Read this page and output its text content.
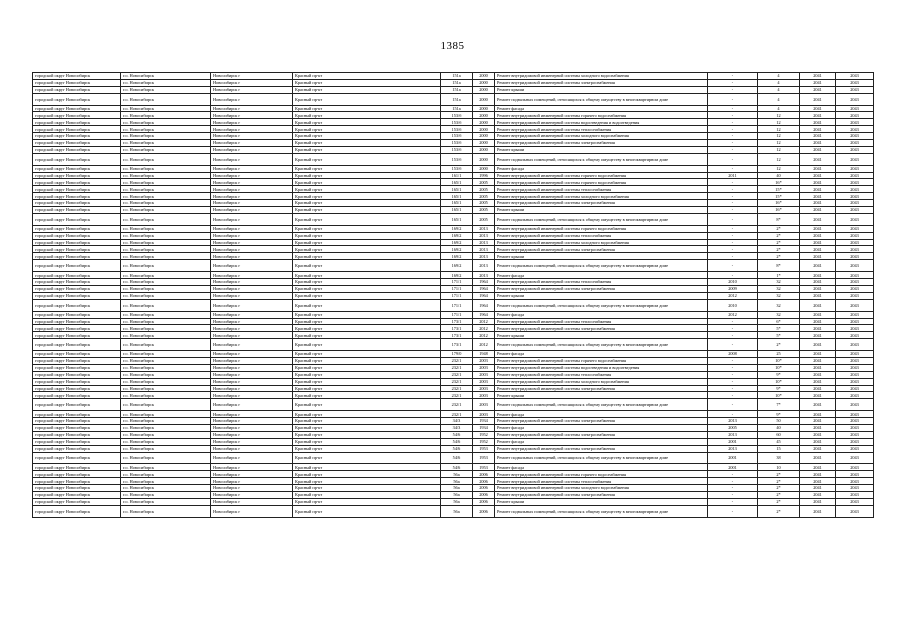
1385
городской округ Новосибирск	г.о. Новосибирск	Новосибирск г	Красный пр-кт	151а	2000	Ремонт внутридомовой инженерной системы холодного водоснабжения	-	4	2041	2043
городской округ Новосибирск	г.о. Новосибирск	Новосибирск г	Красный пр-кт	151а	2000	Ремонт внутридомовой инженерной системы электроснабжения	-	4	2041	2043
городской округ Новосибирск	г.о. Новосибирск	Новосибирск г	Красный пр-кт	151а	2000	Ремонт крыши	-	4	2041	2043
городской округ Новосибирск	г.о. Новосибирск	Новосибирск г	Красный пр-кт	151а	2000	Ремонт подвальных помещений, относящихся к общему имуществу в многоквартирном доме	-	4	2041	2043
городской округ Новосибирск	г.о. Новосибирск	Новосибирск г	Красный пр-кт	151а	2000	Ремонт фасада	-	4	2041	2043
городской округ Новосибирск	г.о. Новосибирск	Новосибирск г	Красный пр-кт	153/б	2000	Ремонт внутридомовой инженерной системы горячего водоснабжения	-	12	2041	2043
городской округ Новосибирск	г.о. Новосибирск	Новосибирск г	Красный пр-кт	153/б	2000	Ремонт внутридомовой инженерной системы водоотведения и водоотведения	-	12	2041	2043
городской округ Новосибирск	г.о. Новосибирск	Новосибирск г	Красный пр-кт	153/б	2000	Ремонт внутридомовой инженерной системы теплоснабжения	-	12	2041	2043
городской округ Новосибирск	г.о. Новосибирск	Новосибирск г	Красный пр-кт	153/б	2000	Ремонт внутридомовой инженерной системы холодного водоснабжения	-	12	2041	2043
городской округ Новосибирск	г.о. Новосибирск	Новосибирск г	Красный пр-кт	153/б	2000	Ремонт внутридомовой инженерной системы электроснабжения	-	12	2041	2043
городской округ Новосибирск	г.о. Новосибирск	Новосибирск г	Красный пр-кт	153/б	2000	Ремонт крыши	-	12	2041	2043
городской округ Новосибирск	г.о. Новосибирск	Новосибирск г	Красный пр-кт	153/б	2000	Ремонт подвальных помещений, относящихся к общему имуществу в многоквартирном доме	-	12	2041	2043
городской округ Новосибирск	г.о. Новосибирск	Новосибирск г	Красный пр-кт	153/б	2000	Ремонт фасада	-	12	2041	2043
городской округ Новосибирск	г.о. Новосибирск	Новосибирск г	Красный пр-кт	161/1	1996	Ремонт внутридомовой инженерной системы горячего водоснабжения	2011	40	2041	2043
городской округ Новосибирск	г.о. Новосибирск	Новосибирск г	Красный пр-кт	165/1	2005	Ремонт внутридомовой инженерной системы горячего водоснабжения	-	16*	2041	2043
городской округ Новосибирск	г.о. Новосибирск	Новосибирск г	Красный пр-кт	165/1	2005	Ремонт внутридомовой инженерной системы теплоснабжения	-	15*	2041	2043
городской округ Новосибирск	г.о. Новосибирск	Новосибирск г	Красный пр-кт	165/1	2005	Ремонт внутридомовой инженерной системы холодного водоснабжения	-	15*	2041	2043
городской округ Новосибирск	г.о. Новосибирск	Новосибирск г	Красный пр-кт	165/1	2005	Ремонт внутридомовой инженерной системы электроснабжения	-	16*	2041	2043
городской округ Новосибирск	г.о. Новосибирск	Новосибирск г	Красный пр-кт	165/1	2005	Ремонт крыши	-	16*	2041	2043
городской округ Новосибирск	г.о. Новосибирск	Новосибирск г	Красный пр-кт	165/1	2005	Ремонт подвальных помещений, относящихся к общему имуществу в многоквартирном доме	-	8*	2041	2043
городской округ Новосибирск	г.о. Новосибирск	Новосибирск г	Красный пр-кт	169/2	2013	Ремонт внутридомовой инженерной системы горячего водоснабжения	-	2*	2041	2043
городской округ Новосибирск	г.о. Новосибирск	Новосибирск г	Красный пр-кт	169/2	2013	Ремонт внутридомовой инженерной системы теплоснабжения	-	2*	2041	2043
городской округ Новосибирск	г.о. Новосибирск	Новосибирск г	Красный пр-кт	169/2	2013	Ремонт внутридомовой инженерной системы холодного водоснабжения	-	2*	2041	2043
городской округ Новосибирск	г.о. Новосибирск	Новосибирск г	Красный пр-кт	169/2	2013	Ремонт внутридомовой инженерной системы электроснабжения	-	2*	2041	2043
городской округ Новосибирск	г.о. Новосибирск	Новосибирск г	Красный пр-кт	169/2	2013	Ремонт крыши	-	2*	2041	2043
городской округ Новосибирск	г.о. Новосибирск	Новосибирск г	Красный пр-кт	169/2	2013	Ремонт подвальных помещений, относящихся к общему имуществу в многоквартирном доме	-	8*	2041	2043
городской округ Новосибирск	г.о. Новосибирск	Новосибирск г	Красный пр-кт	169/2	2013	Ремонт фасада	-	1*	2041	2043
городской округ Новосибирск	г.о. Новосибирск	Новосибирск г	Красный пр-кт	171/1	1964	Ремонт внутридомовой инженерной системы теплоснабжения	2010	32	2041	2043
городской округ Новосибирск	г.о. Новосибирск	Новосибирск г	Красный пр-кт	171/1	1964	Ремонт внутридомовой инженерной системы электроснабжения	2009	32	2041	2043
городской округ Новосибирск	г.о. Новосибирск	Новосибирск г	Красный пр-кт	171/1	1964	Ремонт крыши	2012	32	2041	2043
городской округ Новосибирск	г.о. Новосибирск	Новосибирск г	Красный пр-кт	171/1	1964	Ремонт подвальных помещений, относящихся к общему имуществу в многоквартирном доме	2010	32	2041	2043
городской округ Новосибирск	г.о. Новосибирск	Новосибирск г	Красный пр-кт	171/1	1964	Ремонт фасада	2012	32	2041	2043
городской округ Новосибирск	г.о. Новосибирск	Новосибирск г	Красный пр-кт	173/1	2012	Ремонт внутридомовой инженерной системы теплоснабжения	-	6*	2041	2043
городской округ Новосибирск	г.о. Новосибирск	Новосибирск г	Красный пр-кт	173/1	2012	Ремонт внутридомовой инженерной системы электроснабжения	-	5*	2041	2043
городской округ Новосибирск	г.о. Новосибирск	Новосибирск г	Красный пр-кт	173/1	2012	Ремонт крыши	-	5*	2041	2043
городской округ Новосибирск	г.о. Новосибирск	Новосибирск г	Красный пр-кт	173/1	2012	Ремонт подвальных помещений, относящихся к общему имуществу в многоквартирном доме	-	2*	2041	2043
городской округ Новосибирск	г.о. Новосибирск	Новосибирск г	Красный пр-кт	179/0	1948	Ремонт фасада	2008	25	2041	2043
городской округ Новосибирск	г.о. Новосибирск	Новосибирск г	Красный пр-кт	232/1	2003	Ремонт внутридомовой инженерной системы горячего водоснабжения	-	10*	2041	2043
городской округ Новосибирск	г.о. Новосибирск	Новосибирск г	Красный пр-кт	232/1	2003	Ремонт внутридомовой инженерной системы водоотведения и водоотведения	-	10*	2041	2043
городской округ Новосибирск	г.о. Новосибирск	Новосибирск г	Красный пр-кт	232/1	2003	Ремонт внутридомовой инженерной системы теплоснабжения	-	9*	2041	2043
городской округ Новосибирск	г.о. Новосибирск	Новосибирск г	Красный пр-кт	232/1	2003	Ремонт внутридомовой инженерной системы холодного водоснабжения	-	10*	2041	2043
городской округ Новосибирск	г.о. Новосибирск	Новосибирск г	Красный пр-кт	232/1	2003	Ремонт внутридомовой инженерной системы электроснабжения	-	9*	2041	2043
городской округ Новосибирск	г.о. Новосибирск	Новосибирск г	Красный пр-кт	232/1	2003	Ремонт крыши	-	10*	2041	2043
городской округ Новосибирск	г.о. Новосибирск	Новосибирск г	Красный пр-кт	232/1	2003	Ремонт подвальных помещений, относящихся к общему имуществу в многоквартирном доме	-	7*	2041	2043
городской округ Новосибирск	г.о. Новосибирск	Новосибирск г	Красный пр-кт	232/1	2003	Ремонт фасада	-	9*	2041	2043
городской округ Новосибирск	г.о. Новосибирск	Новосибирск г	Красный пр-кт	34/3	1934	Ремонт внутридомовой инженерной системы электроснабжения	2013	50	2041	2043
городской округ Новосибирск	г.о. Новосибирск	Новосибирск г	Красный пр-кт	34/3	1934	Ремонт фасада	2005	40	2041	2043
городской округ Новосибирск	г.о. Новосибирск	Новосибирск г	Красный пр-кт	54/6	1952	Ремонт внутридомовой инженерной системы электроснабжения	2013	60	2041	2043
городской округ Новосибирск	г.о. Новосибирск	Новосибирск г	Красный пр-кт	54/6	1952	Ремонт фасада	2001	45	2041	2043
городской округ Новосибирск	г.о. Новосибирск	Новосибирск г	Красный пр-кт	54/6	1953	Ремонт внутридомовой инженерной системы электроснабжения	2013	15	2041	2043
городской округ Новосибирск	г.о. Новосибирск	Новосибирск г	Красный пр-кт	54/6	1953	Ремонт подвальных помещений, относящихся к общему имуществу в многоквартирном доме	2001	38	2041	2043
городской округ Новосибирск	г.о. Новосибирск	Новосибирск г	Красный пр-кт	54/6	1953	Ремонт фасада	2001	10	2041	2043
городской округ Новосибирск	г.о. Новосибирск	Новосибирск г	Красный пр-кт	56а	2006	Ремонт внутридомовой инженерной системы горячего водоснабжения	-	2*	2041	2043
городской округ Новосибирск	г.о. Новосибирск	Новосибирск г	Красный пр-кт	56а	2006	Ремонт внутридомовой инженерной системы теплоснабжения	-	2*	2041	2043
городской округ Новосибирск	г.о. Новосибирск	Новосибирск г	Красный пр-кт	56а	2006	Ремонт внутридомовой инженерной системы холодного водоснабжения	-	2*	2041	2043
городской округ Новосибирск	г.о. Новосибирск	Новосибирск г	Красный пр-кт	56а	2006	Ремонт внутридомовой инженерной системы электроснабжения	-	2*	2041	2043
городской округ Новосибирск	г.о. Новосибирск	Новосибирск г	Красный пр-кт	56а	2006	Ремонт крыши	-	2*	2041	2043
городской округ Новосибирск	г.о. Новосибирск	Новосибирск г	Красный пр-кт	56а	2006	Ремонт подвальных помещений, относящихся к общему имуществу в многоквартирном доме	-	2*	2041	2043
